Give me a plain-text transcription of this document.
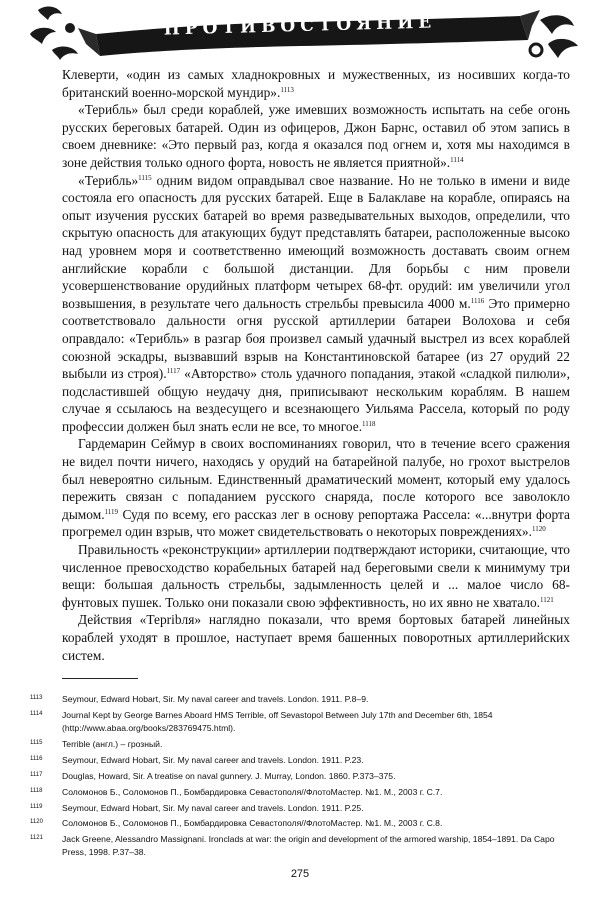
ПРОТИВОСТОЯНИЕ

Клеверти, «один из самых хладнокровных и мужественных, из носивших когда-то британский военно-морской мундир».$^{1113}$

«Терибль» был среди кораблей, уже имевших возможность испытать на себе огонь русских береговых батарей. Один из офицеров, Джон Барнс, оставил об этом запись в своем дневнике: «Это первый раз, когда я оказался под огнем и, хотя мы находимся в зоне действия только одного форта, новость не является приятной».$^{1114}$

«Терибль»$^{1115}$ одним видом оправдывал свое название. Но не только в имени и виде состояла его опасность для русских батарей. Еще в Балаклаве на корабле, опираясь на опыт изучения русских батарей во время разведывательных выходов, определили, что скрытую опасность для атакующих будут представлять батареи, расположенные высоко над уровнем моря и соответственно имеющий возможность доставать своим огнем английские корабли с большой дистанции. Для борьбы с ним провели усовершенствование орудийных платформ четырех 68-фт. орудий: им увеличили угол возвышения, в результате чего дальность стрельбы превысила 4000 м.$^{1116}$ Это примерно соответствовало дальности огня русской артиллерии батареи Волохова и себя оправдало: «Терибль» в разгар боя произвел самый удачный выстрел из всех кораблей союзной эскадры, вызвавший взрыв на Константиновской батарее (из 27 орудий 22 выбыли из строя).$^{1117}$ «Авторство» столь удачного попадания, этакой «сладкой пилюли», подсластившей общую неудачу дня, приписывают нескольким кораблям. В нашем случае я ссылаюсь на вездесущего и всезнающего Уильяма Рассела, который по роду профессии должен был знать если не все, то многое.$^{1118}$

Гардемарин Сеймур в своих воспоминаниях говорил, что в течение всего сражения не видел почти ничего, находясь у орудий на батарейной палубе, но грохот выстрелов был невероятно сильным. Единственный драматический момент, который ему удалось пережить связан с попаданием русского снаряда, после которого все заволокло дымом.$^{1119}$ Судя по всему, его рассказ лег в основу репортажа Рассела: «...внутри форта прогремел один взрыв, что может свидетельствовать о некоторых повреждениях».$^{1120}$

Правильность «реконструкции» артиллерии подтверждают историки, считающие, что численное превосходство корабельных батарей над береговыми свели к минимуму три вещи: большая дальность стрельбы, задымленность целей и ... малое число 68-фунтовых пушек. Только они показали свою эффективность, но их явно не хватало.$^{1121}$

Действия «Терribля» наглядно показали, что время бортовых батарей линейных кораблей уходят в прошлое, наступает время башенных поворотных артиллерийских систем.

1113	Seymour, Edward Hobart, Sir. My naval career and travels. London. 1911. P.8–9.
1114	Journal Kept by George Barnes Aboard HMS Terrible, off Sevastopol Between July 17th and December 6th, 1854 (http://www.abaa.org/books/283769475.html).
1115	Terrible (англ.) – грозный.
1116	Seymour, Edward Hobart, Sir. My naval career and travels. London. 1911. P.23.
1117	Douglas, Howard, Sir. A treatise on naval gunnery. J. Murray, London. 1860. P.373–375.
1118	Соломонов Б., Соломонов П., Бомбардировка Севастополя//ФлотоМастер. №1. М., 2003 г. С.7.
1119	Seymour, Edward Hobart, Sir. My naval career and travels. London. 1911. P.25.
1120	Соломонов Б., Соломонов П., Бомбардировка Севастополя//ФлотоМастер. №1. М., 2003 г. С.8.
1121	Jack Greene, Alessandro Massignani. Ironclads at war: the origin and development of the armored warship, 1854–1891. Da Capo Press, 1998. P.37–38.
275
